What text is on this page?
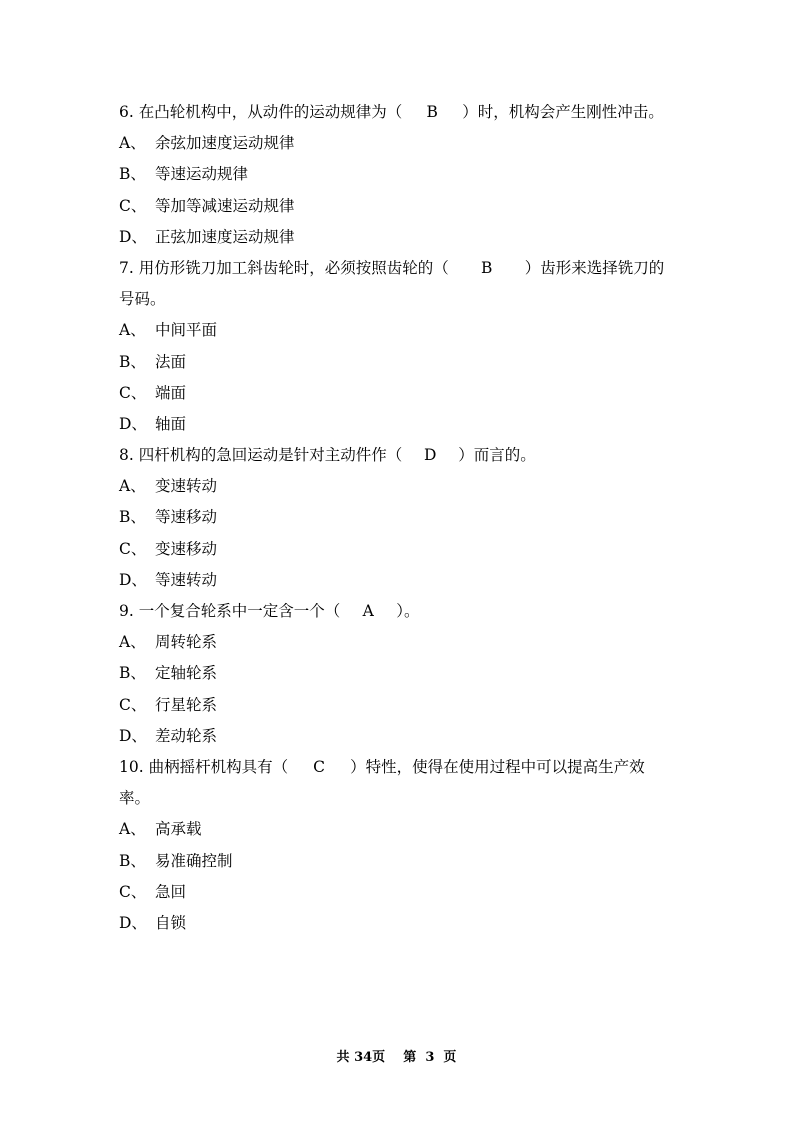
6. 在凸轮机构中，从动件的运动规律为（	B	）时，机构会产生刚性冲击。
A、 余弦加速度运动规律
B、 等速运动规律
C、 等加等减速运动规律
D、 正弦加速度运动规律
7. 用仿形铣刀加工斜齿轮时，必须按照齿轮的（	B	）齿形来选择铣刀的
号码。
A、 中间平面
B、 法面
C、 端面
D、 轴面
8. 四杆机构的急回运动是针对主动件作（	D	）而言的。
A、 变速转动
B、 等速移动
C、 变速移动
D、 等速转动
9. 一个复合轮系中一定含一个（	A	）。
A、 周转轮系
B、 定轴轮系
C、 行星轮系
D、 差动轮系
10. 曲柄摇杆机构具有（	C	）特性，使得在使用过程中可以提高生产效
率。
A、 高承载
B、 易准确控制
C、 急回
D、 自锁
共 34页 第  3  页
